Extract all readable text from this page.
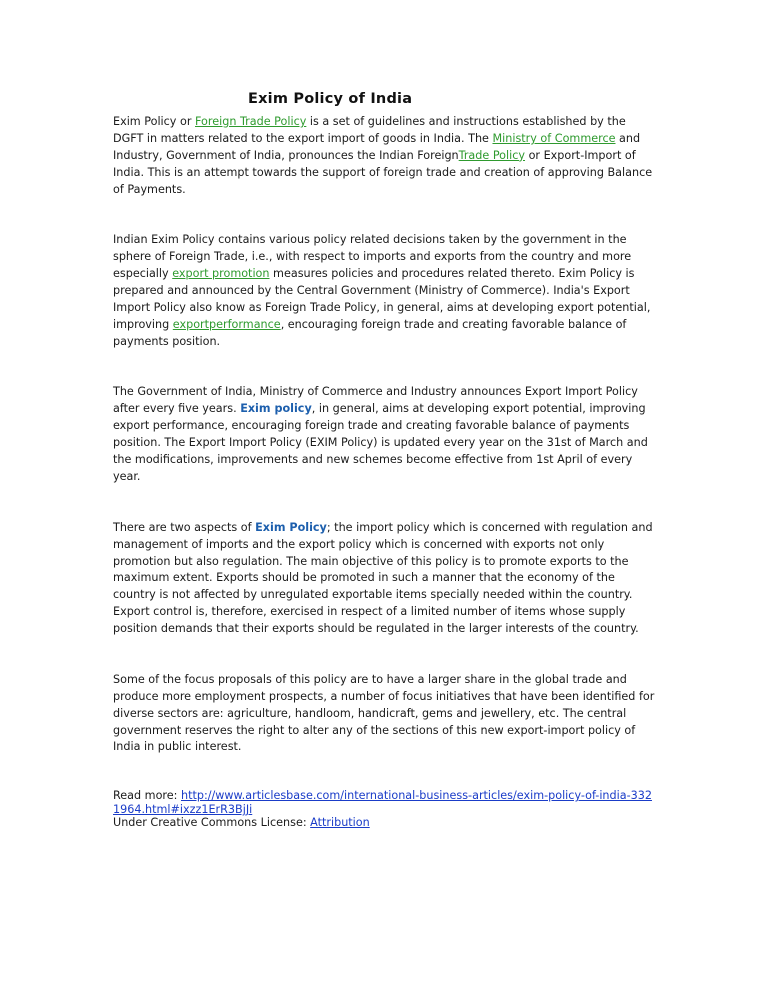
Exim Policy of India

Exim Policy or Foreign Trade Policy is a set of guidelines and instructions established by the DGFT in matters related to the export import of goods in India. The Ministry of Commerce and Industry, Government of India, pronounces the Indian ForeignTrade Policy or Export-Import of India. This is an attempt towards the support of foreign trade and creation of approving Balance of Payments.

Indian Exim Policy contains various policy related decisions taken by the government in the sphere of Foreign Trade, i.e., with respect to imports and exports from the country and more especially export promotion measures policies and procedures related thereto. Exim Policy is prepared and announced by the Central Government (Ministry of Commerce). India's Export Import Policy also know as Foreign Trade Policy, in general, aims at developing export potential, improving exportperformance, encouraging foreign trade and creating favorable balance of payments position.

The Government of India, Ministry of Commerce and Industry announces Export Import Policy after every five years. Exim policy, in general, aims at developing export potential, improving export performance, encouraging foreign trade and creating favorable balance of payments position. The Export Import Policy (EXIM Policy) is updated every year on the 31st of March and the modifications, improvements and new schemes become effective from 1st April of every year.

There are two aspects of Exim Policy; the import policy which is concerned with regulation and management of imports and the export policy which is concerned with exports not only promotion but also regulation. The main objective of this policy is to promote exports to the maximum extent. Exports should be promoted in such a manner that the economy of the country is not affected by unregulated exportable items specially needed within the country. Export control is, therefore, exercised in respect of a limited number of items whose supply position demands that their exports should be regulated in the larger interests of the country.

Some of the focus proposals of this policy are to have a larger share in the global trade and produce more employment prospects, a number of focus initiatives that have been identified for diverse sectors are: agriculture, handloom, handicraft, gems and jewellery, etc. The central government reserves the right to alter any of the sections of this new export-import policy of India in public interest.

Read more: http://www.articlesbase.com/international-business-articles/exim-policy-of-india-3321964.html#ixzz1ErR3BjJi
Under Creative Commons License: Attribution
